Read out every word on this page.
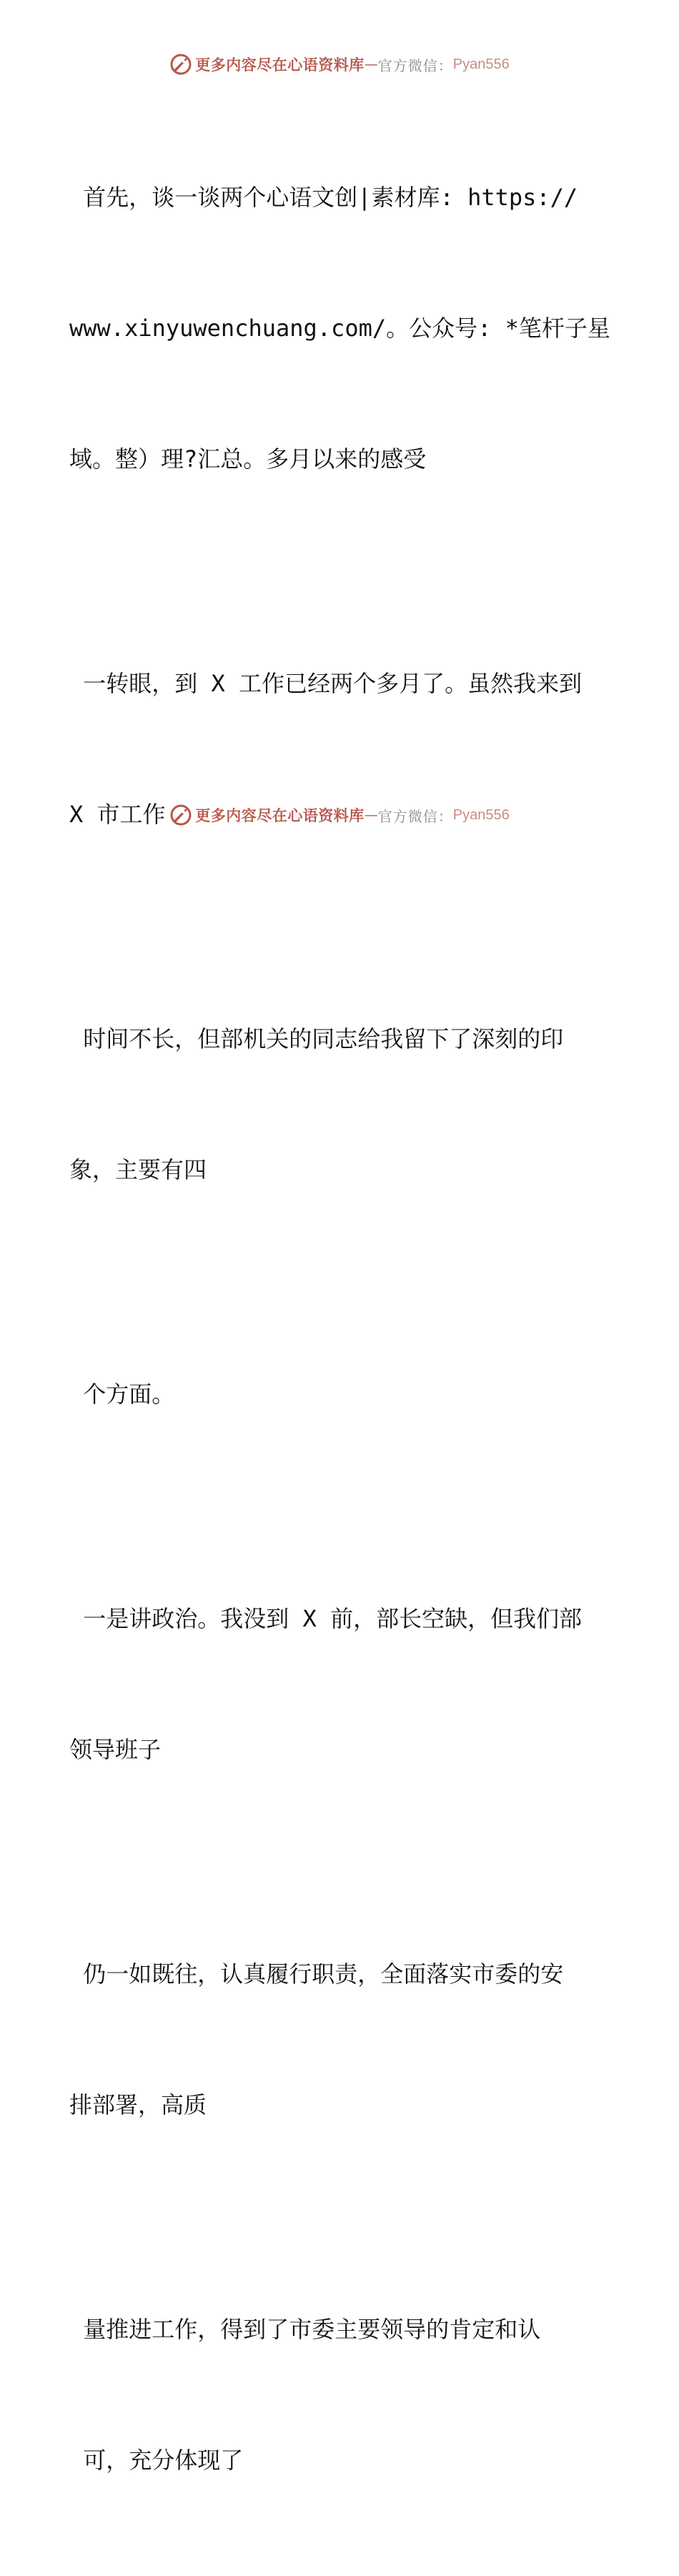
更多内容尽在心语资料库 — 官方微信： Pyan556

首先，谈一谈两个心语文创|素材库: https://

www.xinyuwenchuang.com/。公众号: *笔杆子星

域。整）理?汇总。多月以来的感受

一转眼，到 X 工作已经两个多月了。虽然我来到

X 市工作

时间不长，但部机关的同志给我留下了深刻的印

象，主要有四

个方面。

一是讲政治。我没到 X 前，部长空缺，但我们部

领导班子

仍一如既往，认真履行职责，全面落实市委的安

排部署，高质

量推进工作，得到了市委主要领导的肯定和认

可，充分体现了

更多内容尽在心语资料库 — 官方微信： Pyan556
